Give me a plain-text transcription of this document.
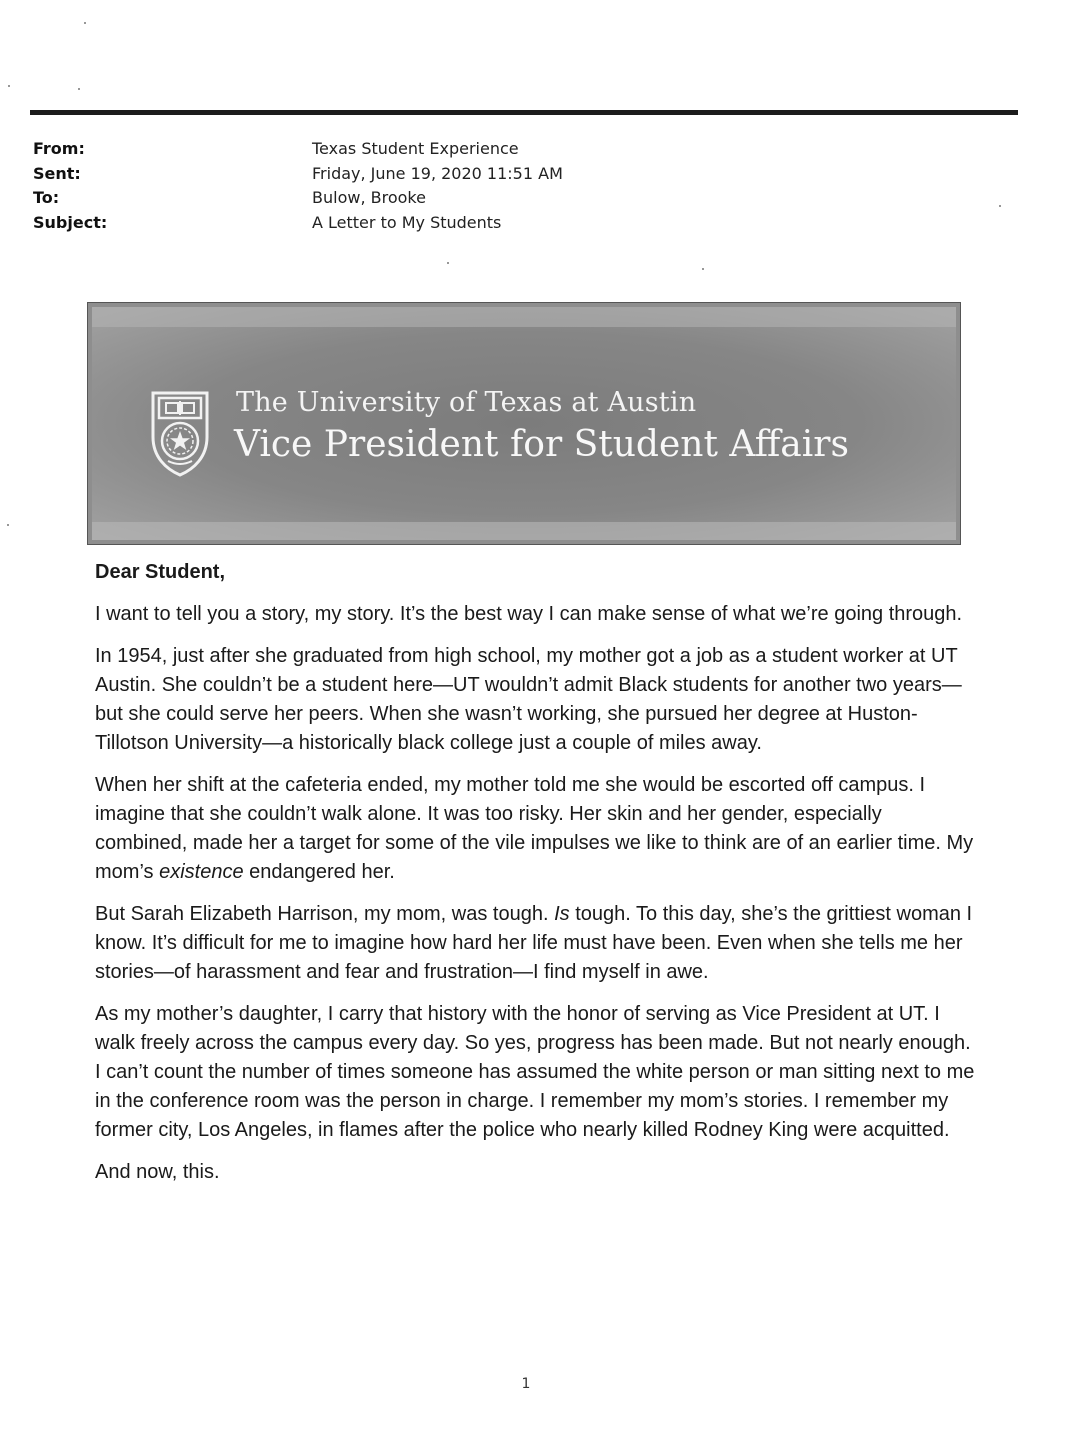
From:	Texas Student Experience
Sent:	Friday, June 19, 2020 11:51 AM
To:	Bulow, Brooke
Subject:	A Letter to My Students
The University of Texas at Austin
Vice President for Student Affairs

Dear Student,

I want to tell you a story, my story. It’s the best way I can make sense of what we’re going through.

In 1954, just after she graduated from high school, my mother got a job as a student worker at UT Austin. She couldn’t be a student here—UT wouldn’t admit Black students for another two years—but she could serve her peers. When she wasn’t working, she pursued her degree at Huston-Tillotson University—a historically black college just a couple of miles away.

When her shift at the cafeteria ended, my mother told me she would be escorted off campus. I imagine that she couldn’t walk alone. It was too risky. Her skin and her gender, especially combined, made her a target for some of the vile impulses we like to think are of an earlier time. My mom’s existence endangered her.

But Sarah Elizabeth Harrison, my mom, was tough. Is tough. To this day, she’s the grittiest woman I know. It’s difficult for me to imagine how hard her life must have been. Even when she tells me her stories—of harassment and fear and frustration—I find myself in awe.

As my mother’s daughter, I carry that history with the honor of serving as Vice President at UT. I walk freely across the campus every day. So yes, progress has been made. But not nearly enough. I can’t count the number of times someone has assumed the white person or man sitting next to me in the conference room was the person in charge. I remember my mom’s stories. I remember my former city, Los Angeles, in flames after the police who nearly killed Rodney King were acquitted.

And now, this.

1
